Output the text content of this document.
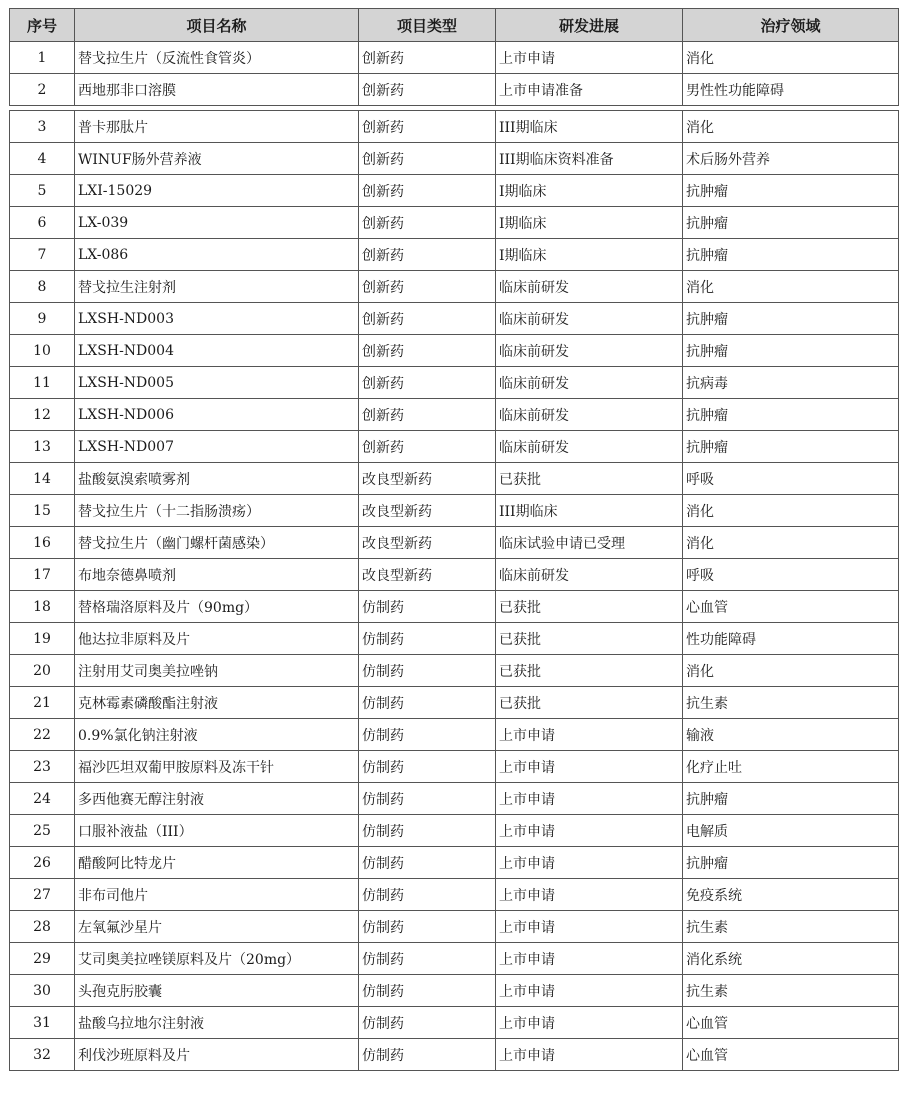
序号	项目名称	项目类型	研发进展	治疗领域
1	替戈拉生片（反流性食管炎）	创新药	上市申请	消化
2	西地那非口溶膜	创新药	上市申请准备	男性性功能障碍
3	普卡那肽片	创新药	III期临床	消化
4	WINUF肠外营养液	创新药	III期临床资料准备	术后肠外营养
5	LXI-15029	创新药	I期临床	抗肿瘤
6	LX-039	创新药	I期临床	抗肿瘤
7	LX-086	创新药	I期临床	抗肿瘤
8	替戈拉生注射剂	创新药	临床前研发	消化
9	LXSH-ND003	创新药	临床前研发	抗肿瘤
10	LXSH-ND004	创新药	临床前研发	抗肿瘤
11	LXSH-ND005	创新药	临床前研发	抗病毒
12	LXSH-ND006	创新药	临床前研发	抗肿瘤
13	LXSH-ND007	创新药	临床前研发	抗肿瘤
14	盐酸氨溴索喷雾剂	改良型新药	已获批	呼吸
15	替戈拉生片（十二指肠溃疡）	改良型新药	III期临床	消化
16	替戈拉生片（幽门螺杆菌感染）	改良型新药	临床试验申请已受理	消化
17	布地奈德鼻喷剂	改良型新药	临床前研发	呼吸
18	替格瑞洛原料及片（90mg）	仿制药	已获批	心血管
19	他达拉非原料及片	仿制药	已获批	性功能障碍
20	注射用艾司奥美拉唑钠	仿制药	已获批	消化
21	克林霉素磷酸酯注射液	仿制药	已获批	抗生素
22	0.9%氯化钠注射液	仿制药	上市申请	输液
23	福沙匹坦双葡甲胺原料及冻干针	仿制药	上市申请	化疗止吐
24	多西他赛无醇注射液	仿制药	上市申请	抗肿瘤
25	口服补液盐（III）	仿制药	上市申请	电解质
26	醋酸阿比特龙片	仿制药	上市申请	抗肿瘤
27	非布司他片	仿制药	上市申请	免疫系统
28	左氧氟沙星片	仿制药	上市申请	抗生素
29	艾司奥美拉唑镁原料及片（20mg）	仿制药	上市申请	消化系统
30	头孢克肟胶囊	仿制药	上市申请	抗生素
31	盐酸乌拉地尔注射液	仿制药	上市申请	心血管
32	利伐沙班原料及片	仿制药	上市申请	心血管
